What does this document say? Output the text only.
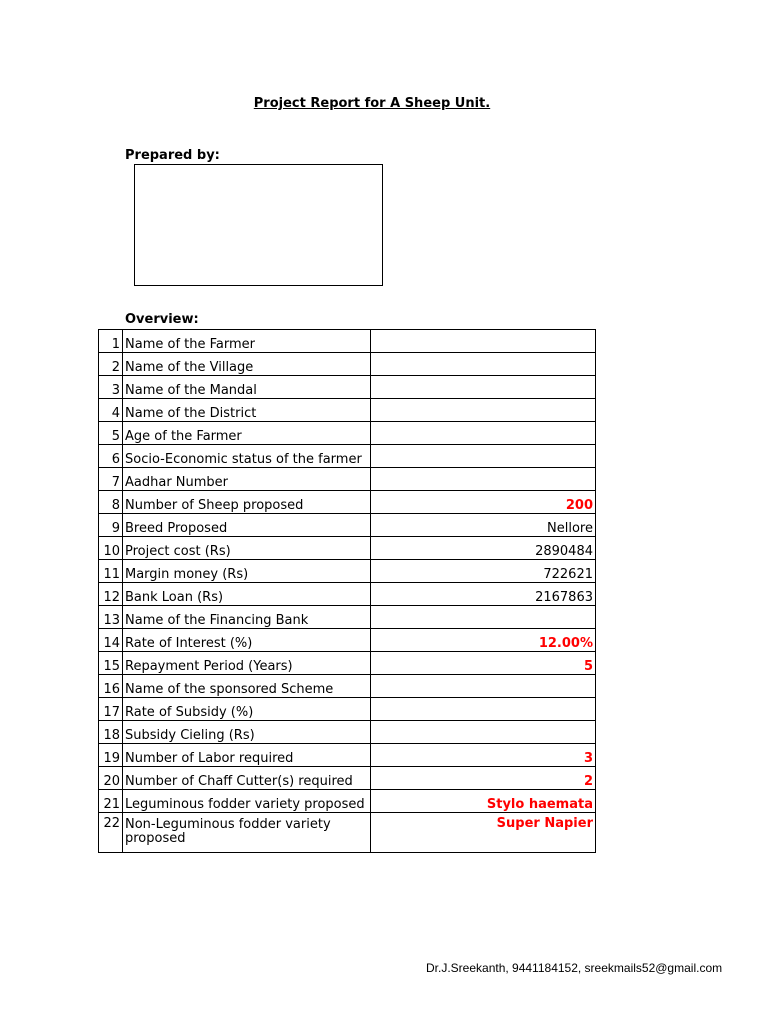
Project Report for A Sheep Unit.
Prepared by:
Overview:
1	Name of the Farmer	
2	Name of the Village	
3	Name of the Mandal	
4	Name of the District	
5	Age of the Farmer	
6	Socio-Economic status of the farmer	
7	Aadhar Number	
8	Number of Sheep proposed	200
9	Breed Proposed	Nellore
10	Project cost (Rs)	2890484
11	Margin money (Rs)	722621
12	Bank Loan (Rs)	2167863
13	Name of the Financing Bank	
14	Rate of Interest (%)	12.00%
15	Repayment Period (Years)	5
16	Name of the sponsored Scheme	
17	Rate of Subsidy (%)	
18	Subsidy Cieling (Rs)	
19	Number of Labor required	3
20	Number of Chaff Cutter(s) required	2
21	Leguminous fodder variety proposed	Stylo haemata
22	Non-Leguminous fodder variety proposed	Super Napier
Dr.J.Sreekanth, 9441184152, sreekmails52@gmail.com
